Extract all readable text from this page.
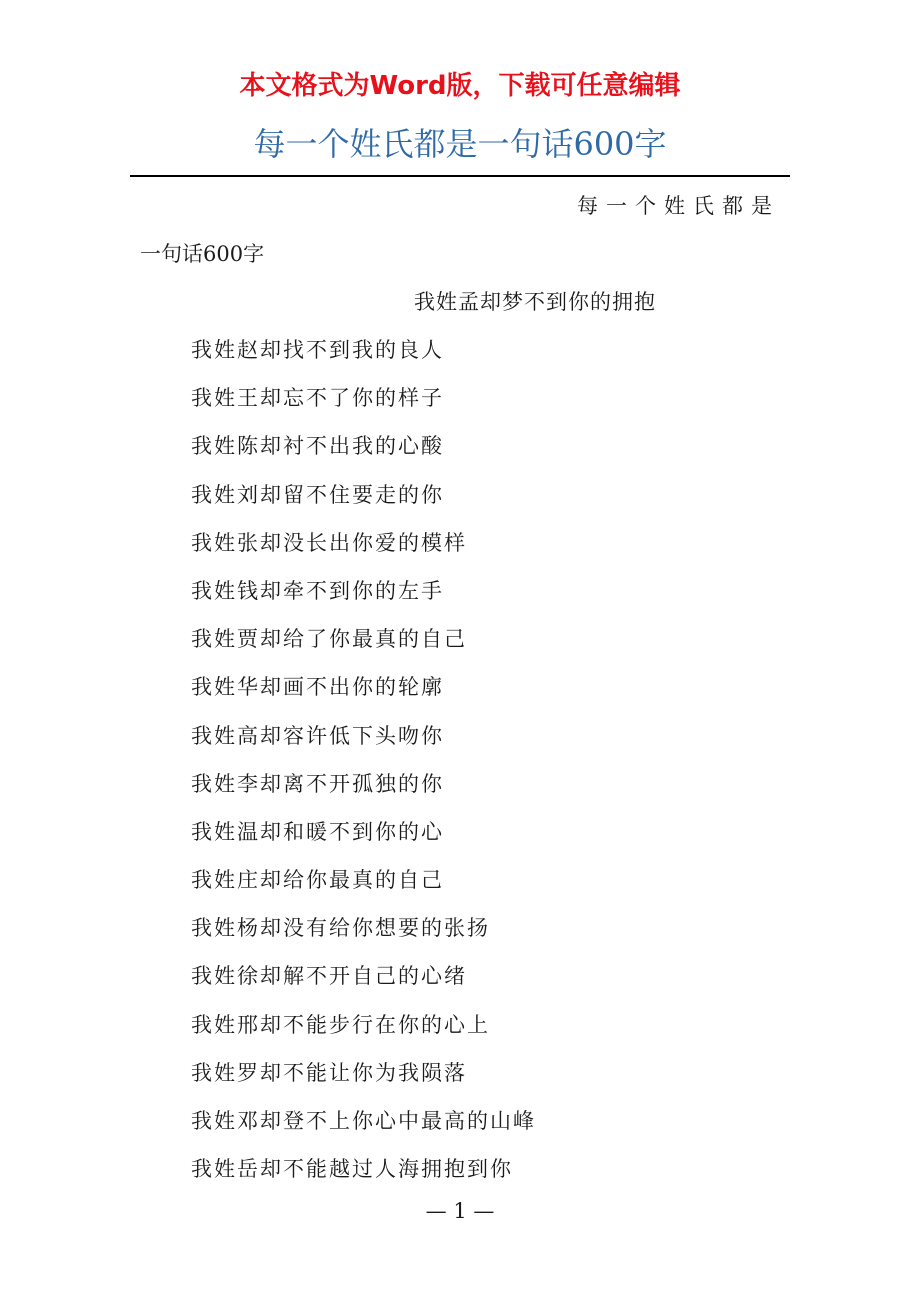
本文格式为Word版，下载可任意编辑
每一个姓氏都是一句话600字
每一个姓氏都是
一句话600字
我姓孟却梦不到你的拥抱
我姓赵却找不到我的良人
我姓王却忘不了你的样子
我姓陈却衬不出我的心酸
我姓刘却留不住要走的你
我姓张却没长出你爱的模样
我姓钱却牵不到你的左手
我姓贾却给了你最真的自己
我姓华却画不出你的轮廓
我姓高却容许低下头吻你
我姓李却离不开孤独的你
我姓温却和暖不到你的心
我姓庄却给你最真的自己
我姓杨却没有给你想要的张扬
我姓徐却解不开自己的心绪
我姓邢却不能步行在你的心上
我姓罗却不能让你为我陨落
我姓邓却登不上你心中最高的山峰
我姓岳却不能越过人海拥抱到你
— 1 —
